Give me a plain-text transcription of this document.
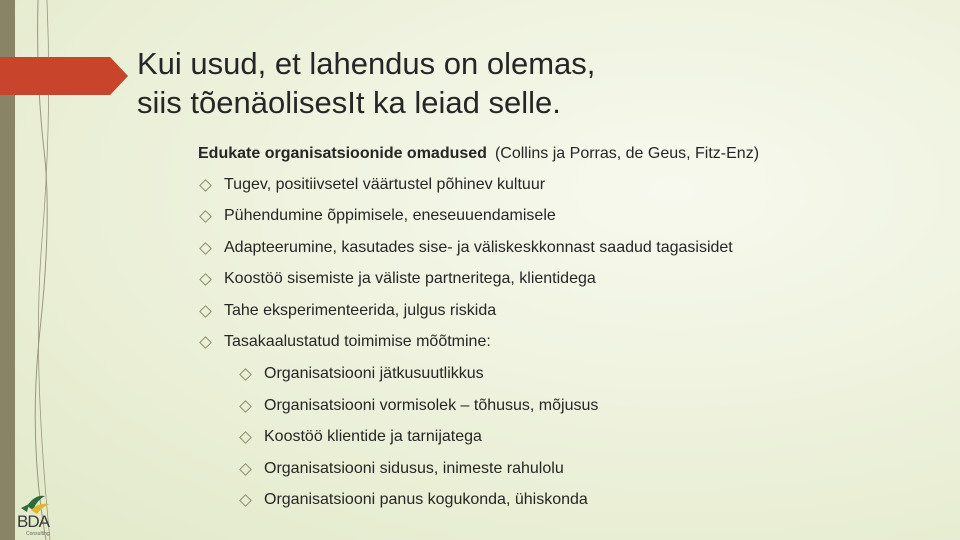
Kui usud, et lahendus on olemas,
siis tõenäolisesIt ka leiad selle.
Edukate organisatsioonide omadused (Collins ja Porras, de Geus, Fitz-Enz)
Tugev, positiivsetel väärtustel põhinev kultuur
Pühendumine õppimisele, eneseuuendamisele
Adapteerumine, kasutades sise- ja väliskeskkonnast saadud tagasisidet
Koostöö sisemiste ja väliste partneritega, klientidega
Tahe eksperimenteerida, julgus riskida
Tasakaalustatud toimimise mõõtmine:
Organisatsiooni jätkusuutlikkus
Organisatsiooni vormisolek – tõhusus, mõjusus
Koostöö klientide ja tarnijatega
Organisatsiooni sidusus, inimeste rahulolu
Organisatsiooni panus kogukonda, ühiskonda
BDA
Consulting
